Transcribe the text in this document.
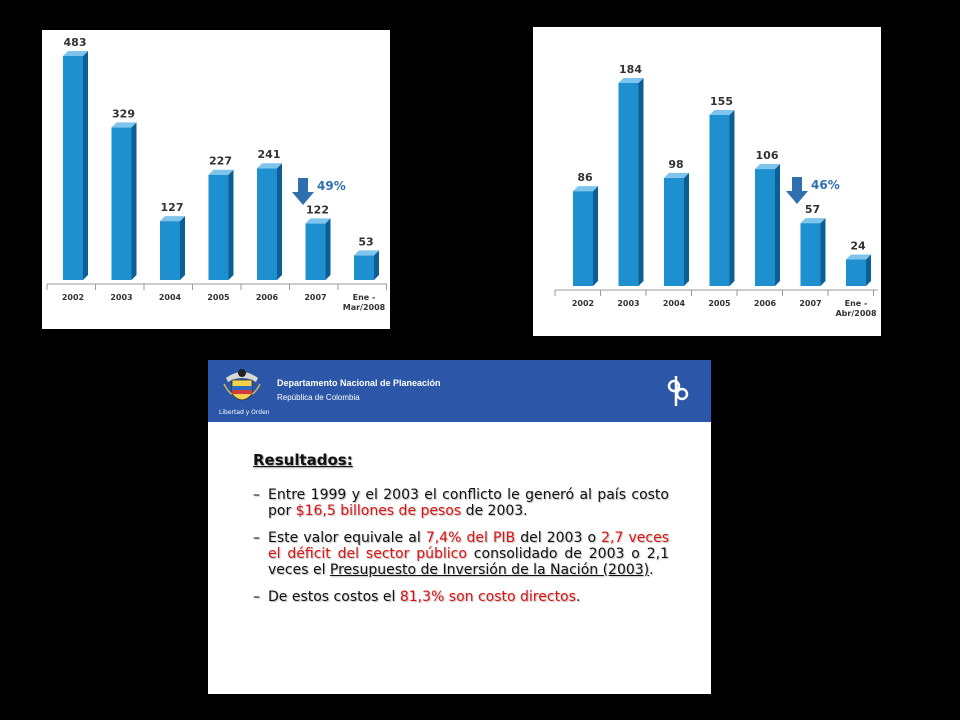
483
2002
329
2003
127
2004
227
2005
241
2006
122
2007
53
Ene -
Mar/2008
49%
86
2002
184
2003
98
2004
155
2005
106
2006
57
2007
24
Ene -
Abr/2008
46%
Libertad y Orden
Departamento Nacional de Planeación
República de Colombia
Resultados:
– Entre 1999 y el 2003 el conflicto le generó al país costo por $16,5 billones de pesos de 2003.
– Este valor equivale al 7,4% del PIB del 2003 o 2,7 veces el déficit del sector público consolidado de 2003 o 2,1 veces el Presupuesto de Inversión de la Nación (2003).
– De estos costos el 81,3% son costo directos.
